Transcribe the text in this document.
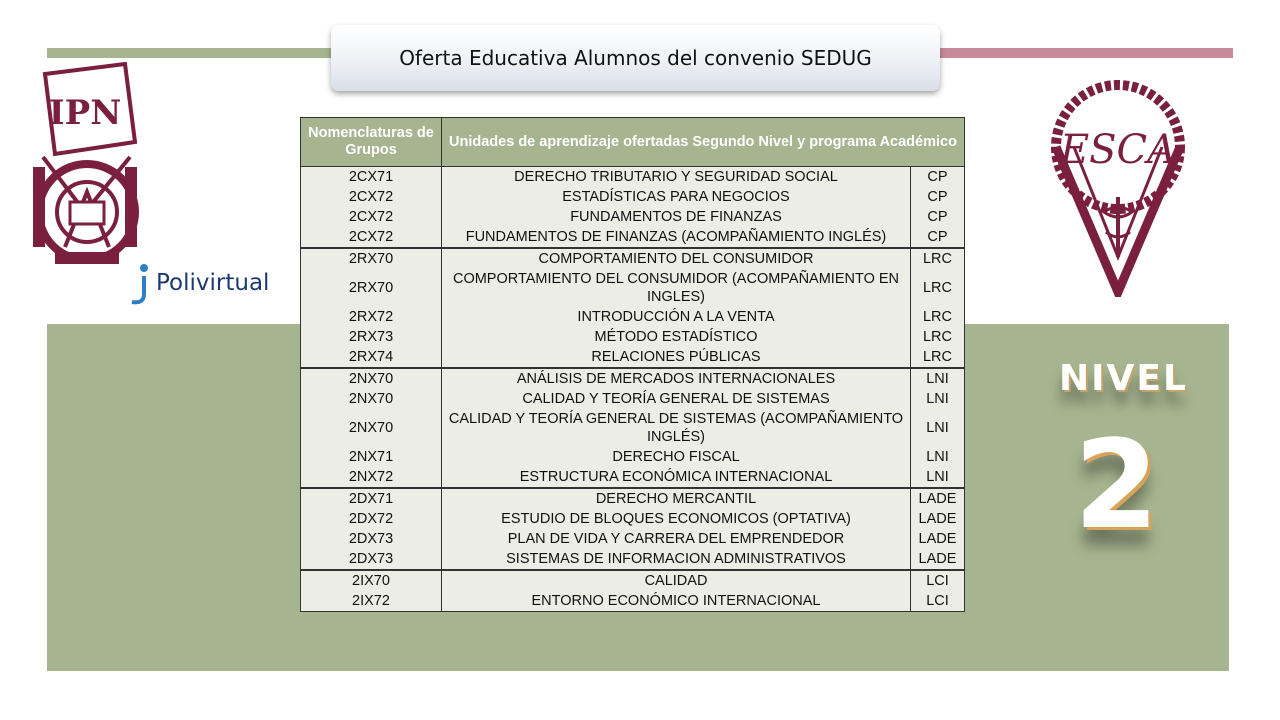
Oferta Educativa Alumnos del convenio SEDUG
IPN
Polivirtual
ESCA
Nomenclaturas de Grupos	Unidades de aprendizaje ofertadas Segundo Nivel y programa Académico	
2CX71	DERECHO TRIBUTARIO Y SEGURIDAD SOCIAL	CP
2CX72	ESTADÍSTICAS PARA NEGOCIOS	CP
2CX72	FUNDAMENTOS DE FINANZAS	CP
2CX72	FUNDAMENTOS DE FINANZAS (ACOMPAÑAMIENTO INGLÉS)	CP
2RX70	COMPORTAMIENTO DEL CONSUMIDOR	LRC
2RX70	COMPORTAMIENTO DEL CONSUMIDOR (ACOMPAÑAMIENTO EN INGLES)	LRC
2RX72	INTRODUCCIÓN A LA VENTA	LRC
2RX73	MÉTODO ESTADÍSTICO	LRC
2RX74	RELACIONES PÚBLICAS	LRC
2NX70	ANÁLISIS DE MERCADOS INTERNACIONALES	LNI
2NX70	CALIDAD Y TEORÍA GENERAL DE SISTEMAS	LNI
2NX70	CALIDAD Y TEORÍA GENERAL DE SISTEMAS (ACOMPAÑAMIENTO INGLÉS)	LNI
2NX71	DERECHO FISCAL	LNI
2NX72	ESTRUCTURA ECONÓMICA INTERNACIONAL	LNI
2DX71	DERECHO MERCANTIL	LADE
2DX72	ESTUDIO DE BLOQUES ECONOMICOS (OPTATIVA)	LADE
2DX73	PLAN DE VIDA Y CARRERA DEL EMPRENDEDOR	LADE
2DX73	SISTEMAS DE INFORMACION ADMINISTRATIVOS	LADE
2IX70	CALIDAD	LCI
2IX72	ENTORNO ECONÓMICO INTERNACIONAL	LCI
NIVEL
2
